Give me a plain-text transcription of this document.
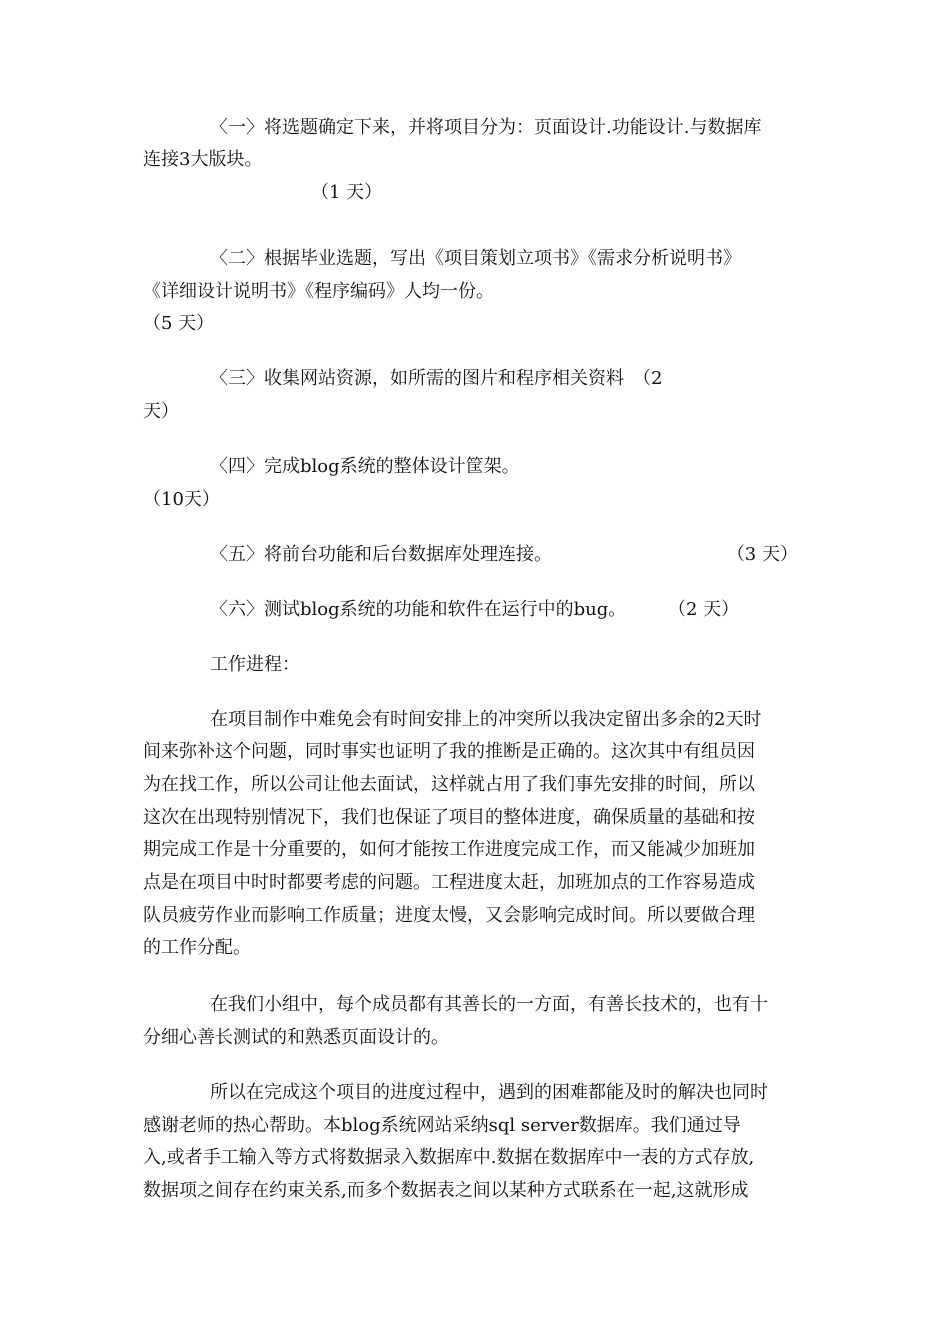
〈一〉将选题确定下来，并将项目分为：页面设计.功能设计.与数据库
连接3大版块。
（1 天）
〈二〉根据毕业选题，写出《项目策划立项书》《需求分析说明书》
《详细设计说明书》《程序编码》人均一份。
（5 天）
〈三〉收集网站资源，如所需的图片和程序相关资料　（2
天）
〈四〉完成blog系统的整体设计筐架。
（10天）
〈五〉将前台功能和后台数据库处理连接。	（3 天）
〈六〉测试blog系统的功能和软件在运行中的bug。 （2 天）
工作进程：
在项目制作中难免会有时间安排上的冲突所以我决定留出多余的2天时
间来弥补这个问题，同时事实也证明了我的推断是正确的。这次其中有组员因
为在找工作，所以公司让他去面试，这样就占用了我们事先安排的时间，所以
这次在出现特别情况下，我们也保证了项目的整体进度，确保质量的基础和按
期完成工作是十分重要的，如何才能按工作进度完成工作，而又能减少加班加
点是在项目中时时都要考虑的问题。工程进度太赶，加班加点的工作容易造成
队员疲劳作业而影响工作质量；进度太慢，又会影响完成时间。所以要做合理
的工作分配。
在我们小组中，每个成员都有其善长的一方面，有善长技术的，也有十
分细心善长测试的和熟悉页面设计的。
所以在完成这个项目的进度过程中，遇到的困难都能及时的解决也同时
感谢老师的热心帮助。本blog系统网站采纳sql server数据库。我们通过导
入,或者手工输入等方式将数据录入数据库中.数据在数据库中一表的方式存放,
数据项之间存在约束关系,而多个数据表之间以某种方式联系在一起,这就形成
